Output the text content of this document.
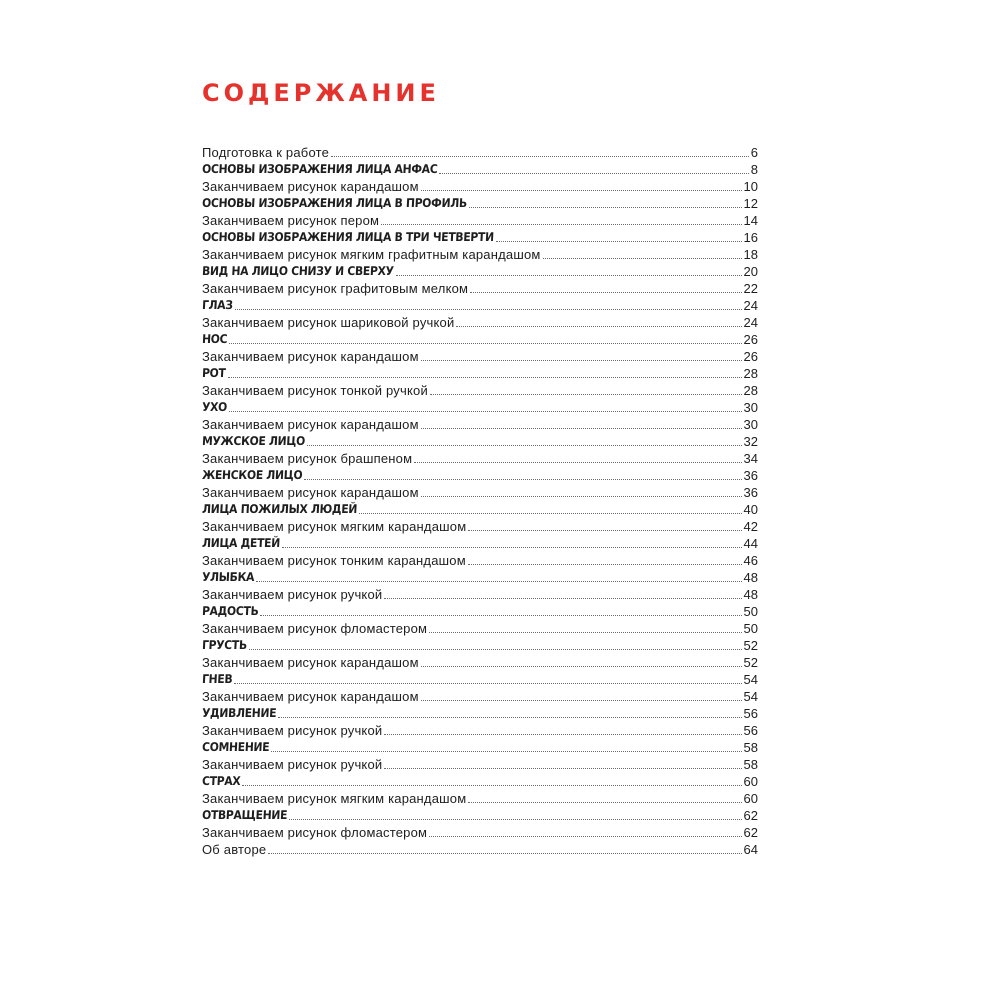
СОДЕРЖАНИЕ
Подготовка к работе	6
ОСНОВЫ ИЗОБРАЖЕНИЯ ЛИЦА АНФАС	8
Заканчиваем рисунок карандашом	10
ОСНОВЫ ИЗОБРАЖЕНИЯ ЛИЦА В ПРОФИЛЬ	12
Заканчиваем рисунок пером	14
ОСНОВЫ ИЗОБРАЖЕНИЯ ЛИЦА В ТРИ ЧЕТВЕРТИ	16
Заканчиваем рисунок мягким графитным карандашом	18
ВИД НА ЛИЦО СНИЗУ И СВЕРХУ	20
Заканчиваем рисунок графитовым мелком	22
ГЛАЗ	24
Заканчиваем рисунок шариковой ручкой	24
НОС	26
Заканчиваем рисунок карандашом	26
РОТ	28
Заканчиваем рисунок тонкой ручкой	28
УХО	30
Заканчиваем рисунок карандашом	30
МУЖСКОЕ ЛИЦО	32
Заканчиваем рисунок брашпеном	34
ЖЕНСКОЕ ЛИЦО	36
Заканчиваем рисунок карандашом	36
ЛИЦА ПОЖИЛЫХ ЛЮДЕЙ	40
Заканчиваем рисунок мягким карандашом	42
ЛИЦА ДЕТЕЙ	44
Заканчиваем рисунок тонким карандашом	46
УЛЫБКА	48
Заканчиваем рисунок ручкой	48
РАДОСТЬ	50
Заканчиваем рисунок фломастером	50
ГРУСТЬ	52
Заканчиваем рисунок карандашом	52
ГНЕВ	54
Заканчиваем рисунок карандашом	54
УДИВЛЕНИЕ	56
Заканчиваем рисунок ручкой	56
СОМНЕНИЕ	58
Заканчиваем рисунок ручкой	58
СТРАХ	60
Заканчиваем рисунок мягким карандашом	60
ОТВРАЩЕНИЕ	62
Заканчиваем рисунок фломастером	62
Об авторе	64
